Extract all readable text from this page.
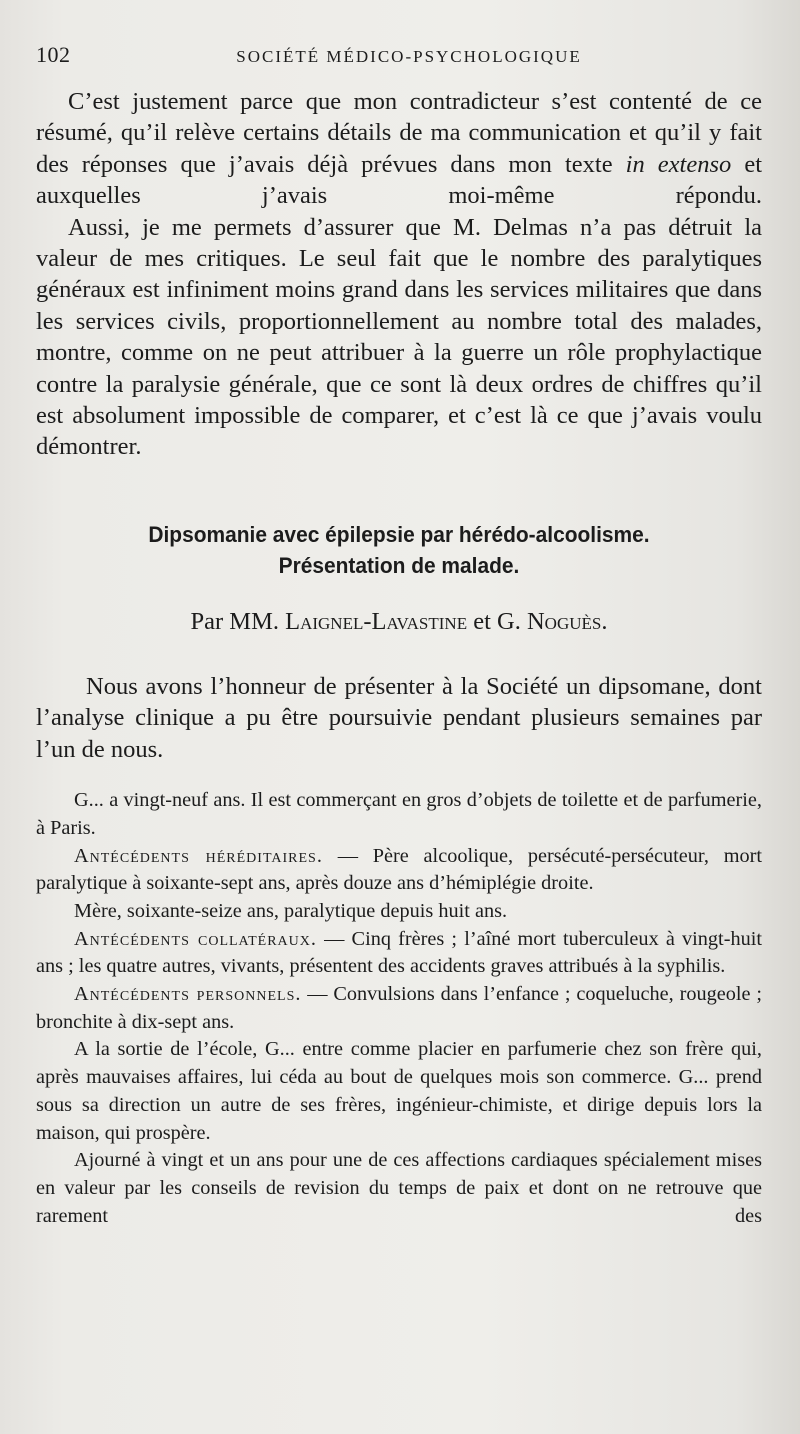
102	SOCIÉTÉ MÉDICO-PSYCHOLOGIQUE

C’est justement parce que mon contradicteur s’est contenté de ce résumé, qu’il relève certains détails de ma communication et qu’il y fait des réponses que j’avais déjà prévues dans mon texte in extenso et auxquelles j’avais moi-même répondu.

Aussi, je me permets d’assurer que M. Delmas n’a pas détruit la valeur de mes critiques. Le seul fait que le nombre des paralytiques généraux est infiniment moins grand dans les services militaires que dans les services civils, proportionnellement au nombre total des malades, montre, comme on ne peut attribuer à la guerre un rôle prophylactique contre la paralysie générale, que ce sont là deux ordres de chiffres qu’il est absolument impossible de comparer, et c’est là ce que j’avais voulu démontrer.

Dipsomanie avec épilepsie par hérédo-alcoolisme.
Présentation de malade.
Par MM. Laignel-Lavastine et G. Noguès.

Nous avons l’honneur de présenter à la Société un dipsomane, dont l’analyse clinique a pu être poursuivie pendant plusieurs semaines par l’un de nous.

G... a vingt-neuf ans. Il est commerçant en gros d’objets de toilette et de parfumerie, à Paris.

Antécédents héréditaires. — Père alcoolique, persécuté-persécuteur, mort paralytique à soixante-sept ans, après douze ans d’hémiplégie droite.

Mère, soixante-seize ans, paralytique depuis huit ans.

Antécédents collatéraux. — Cinq frères ; l’aîné mort tuberculeux à vingt-huit ans ; les quatre autres, vivants, présentent des accidents graves attribués à la syphilis.

Antécédents personnels. — Convulsions dans l’enfance ; coqueluche, rougeole ; bronchite à dix-sept ans.

A la sortie de l’école, G... entre comme placier en parfumerie chez son frère qui, après mauvaises affaires, lui céda au bout de quelques mois son commerce. G... prend sous sa direction un autre de ses frères, ingénieur-chimiste, et dirige depuis lors la maison, qui prospère.

Ajourné à vingt et un ans pour une de ces affections cardiaques spécialement mises en valeur par les conseils de revision du temps de paix et dont on ne retrouve que rarement des
